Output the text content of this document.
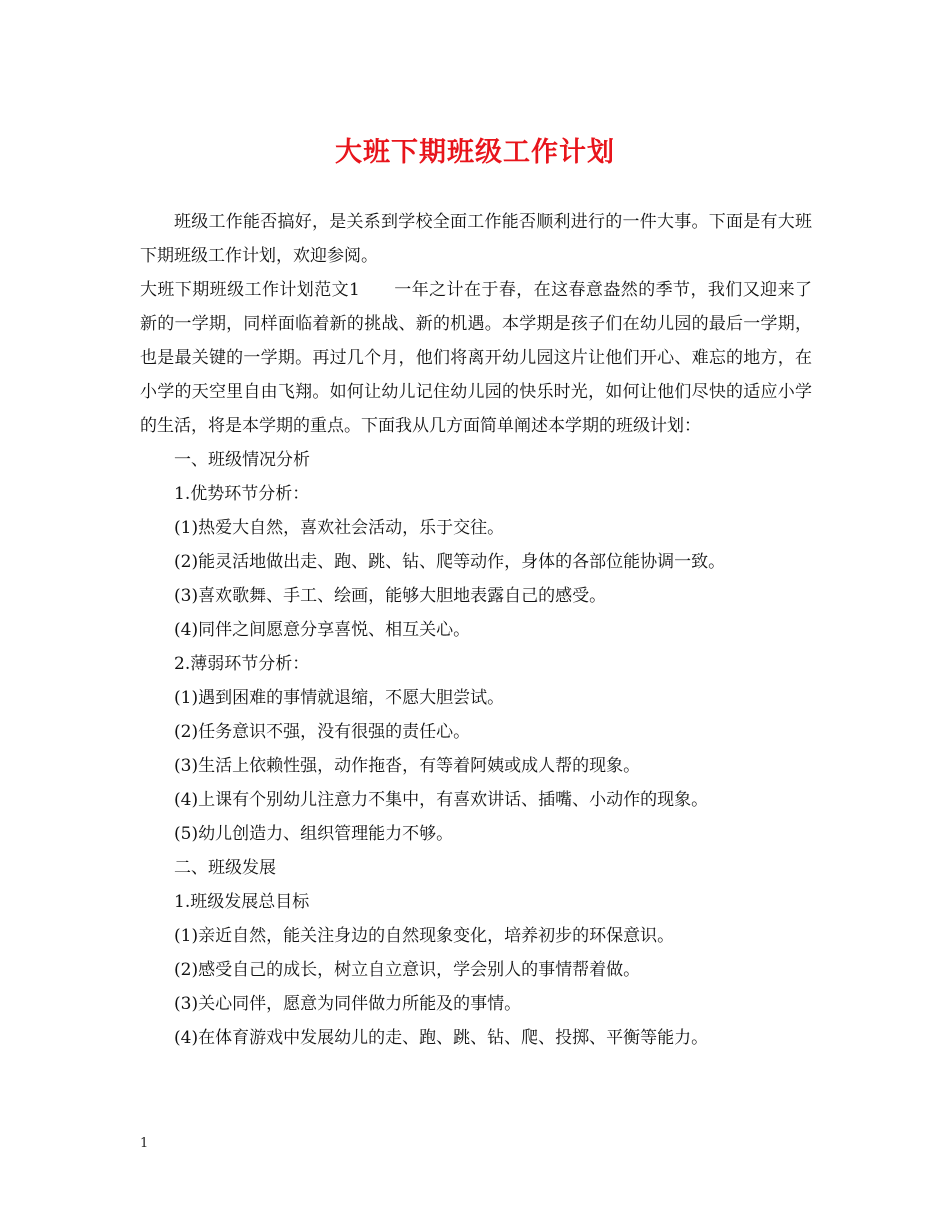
大班下期班级工作计划

班级工作能否搞好，是关系到学校全面工作能否顺利进行的一件大事。下面是有大班下期班级工作计划，欢迎参阅。

大班下期班级工作计划范文1 一年之计在于春，在这春意盎然的季节，我们又迎来了新的一学期，同样面临着新的挑战、新的机遇。本学期是孩子们在幼儿园的最后一学期，也是最关键的一学期。再过几个月，他们将离开幼儿园这片让他们开心、难忘的地方，在小学的天空里自由飞翔。如何让幼儿记住幼儿园的快乐时光，如何让他们尽快的适应小学的生活，将是本学期的重点。下面我从几方面简单阐述本学期的班级计划：

一、班级情况分析
1.优势环节分析：
(1)热爱大自然，喜欢社会活动，乐于交往。
(2)能灵活地做出走、跑、跳、钻、爬等动作，身体的各部位能协调一致。
(3)喜欢歌舞、手工、绘画，能够大胆地表露自己的感受。
(4)同伴之间愿意分享喜悦、相互关心。
2.薄弱环节分析：
(1)遇到困难的事情就退缩，不愿大胆尝试。
(2)任务意识不强，没有很强的责任心。
(3)生活上依赖性强，动作拖沓，有等着阿姨或成人帮的现象。
(4)上课有个别幼儿注意力不集中，有喜欢讲话、插嘴、小动作的现象。
(5)幼儿创造力、组织管理能力不够。
二、班级发展
1.班级发展总目标
(1)亲近自然，能关注身边的自然现象变化，培养初步的环保意识。
(2)感受自己的成长，树立自立意识，学会别人的事情帮着做。
(3)关心同伴，愿意为同伴做力所能及的事情。
(4)在体育游戏中发展幼儿的走、跑、跳、钻、爬、投掷、平衡等能力。
1
